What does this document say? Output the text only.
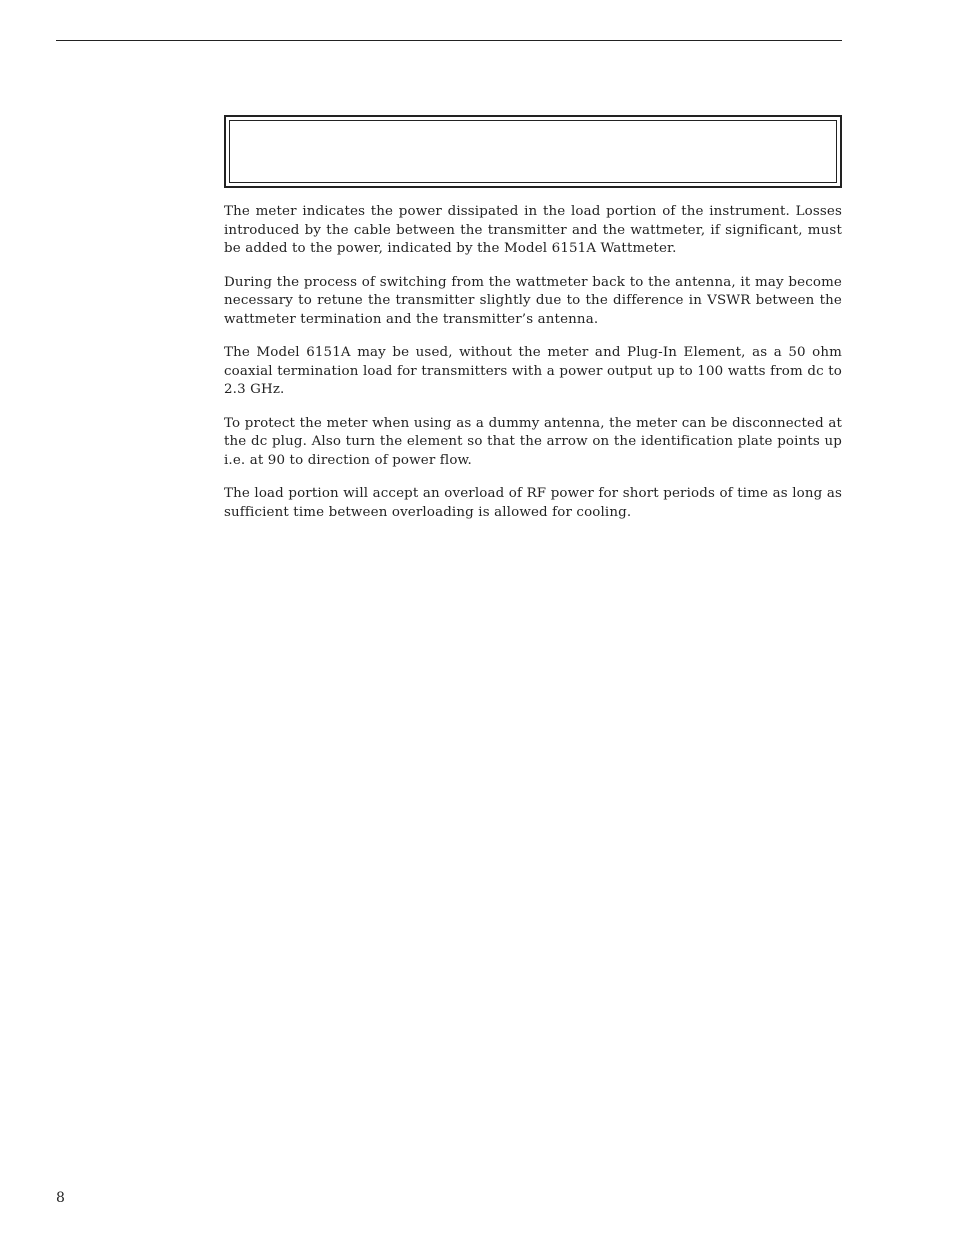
The meter indicates the power dissipated in the load portion of the instrument. Losses introduced by the cable between the transmitter and the wattmeter, if significant, must be added to the power, indicated by the Model 6151A Wattmeter.

During the process of switching from the wattmeter back to the antenna, it may become necessary to retune the transmitter slightly due to the difference in VSWR between the wattmeter termination and the transmitter’s antenna.

The Model 6151A may be used, without the meter and Plug-In Element, as a 50 ohm coaxial termination load for transmitters with a power output up to 100 watts from dc to 2.3 GHz.

To protect the meter when using as a dummy antenna, the meter can be disconnected at the dc plug. Also turn the element so that the arrow on the identification plate points up i.e. at 90 to direction of power flow.

The load portion will accept an overload of RF power for short periods of time as long as sufficient time between overloading is allowed for cooling.

8
